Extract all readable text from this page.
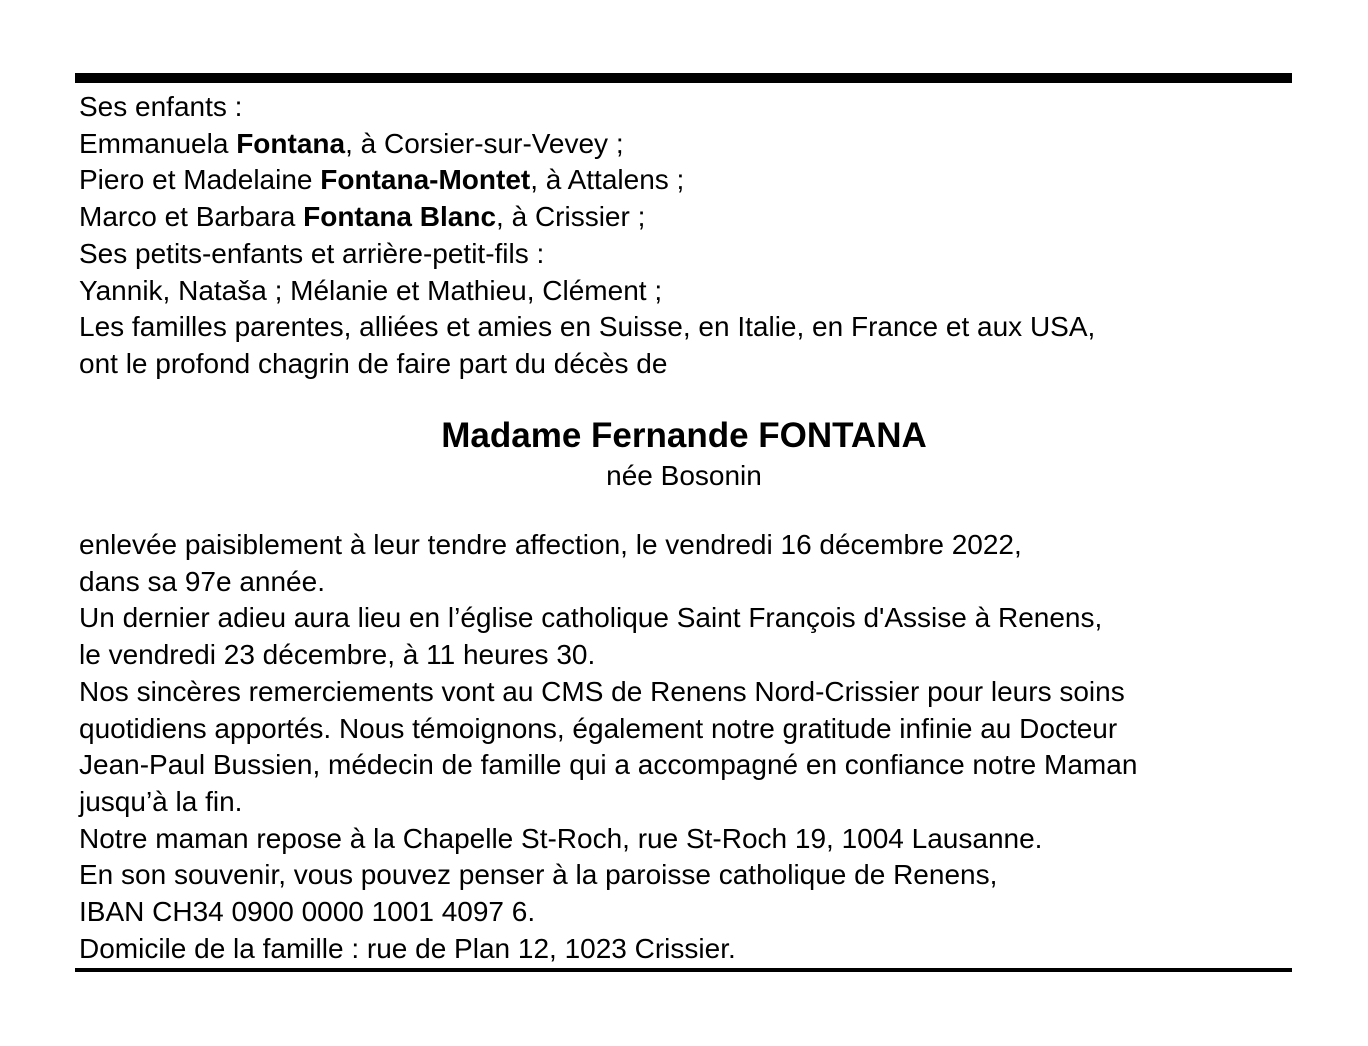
Ses enfants :
Emmanuela Fontana, à Corsier-sur-Vevey ;
Piero et Madelaine Fontana-Montet, à Attalens ;
Marco et Barbara Fontana Blanc, à Crissier ;
Ses petits-enfants et arrière-petit-fils :
Yannik, Nataša ; Mélanie et Mathieu, Clément ;
Les familles parentes, alliées et amies en Suisse, en Italie, en France et aux USA,
ont le profond chagrin de faire part du décès de
Madame Fernande FONTANA
née Bosonin
enlevée paisiblement à leur tendre affection, le vendredi 16 décembre 2022,
dans sa 97e année.
Un dernier adieu aura lieu en l’église catholique Saint François d'Assise à Renens,
le vendredi 23 décembre, à 11 heures 30.
Nos sincères remerciements vont au CMS de Renens Nord-Crissier pour leurs soins
quotidiens apportés. Nous témoignons, également notre gratitude infinie au Docteur
Jean-Paul Bussien, médecin de famille qui a accompagné en confiance notre Maman
jusqu’à la fin.
Notre maman repose à la Chapelle St-Roch, rue St-Roch 19, 1004 Lausanne.
En son souvenir, vous pouvez penser à la paroisse catholique de Renens,
IBAN CH34 0900 0000 1001 4097 6.
Domicile de la famille : rue de Plan 12, 1023 Crissier.
